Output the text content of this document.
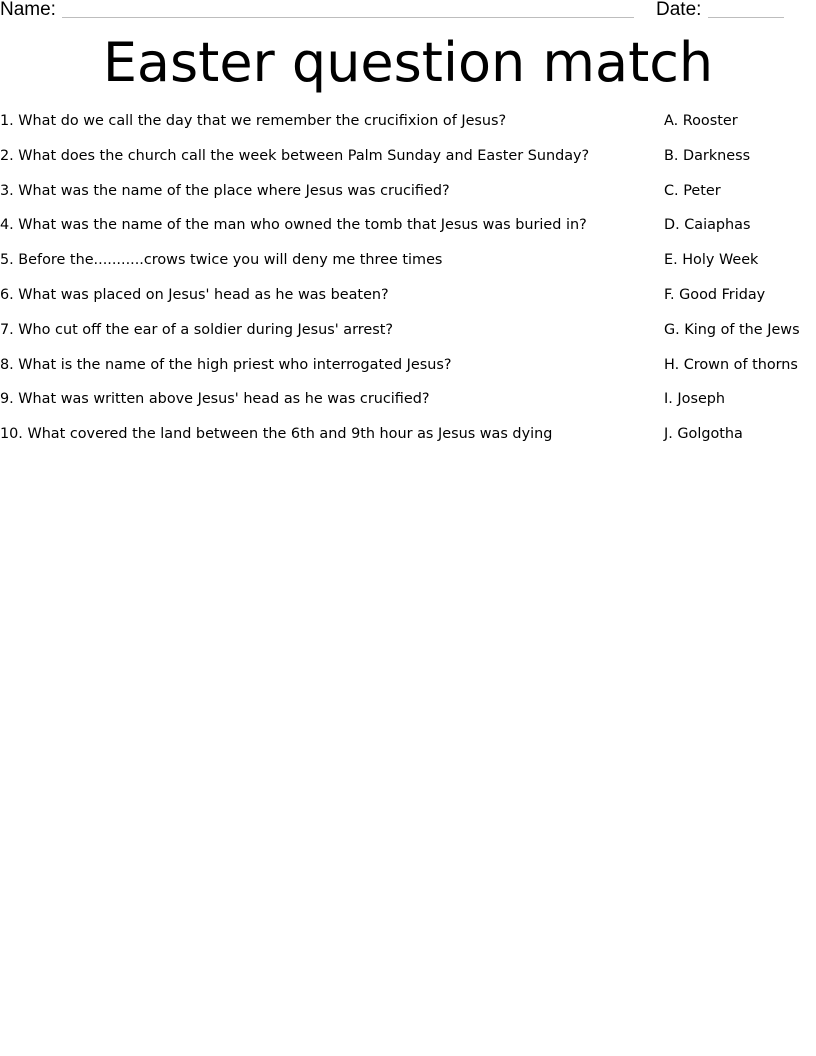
Name:	Date:
Easter question match
1. What do we call the day that we remember the crucifixion of Jesus?
2. What does the church call the week between Palm Sunday and Easter Sunday?
3. What was the name of the place where Jesus was crucified?
4. What was the name of the man who owned the tomb that Jesus was buried in?
5. Before the...........crows twice you will deny me three times
6. What was placed on Jesus' head as he was beaten?
7. Who cut off the ear of a soldier during Jesus' arrest?
8. What is the name of the high priest who interrogated Jesus?
9. What was written above Jesus' head as he was crucified?
10. What covered the land between the 6th and 9th hour as Jesus was dying
A. Rooster
B. Darkness
C. Peter
D. Caiaphas
E. Holy Week
F. Good Friday
G. King of the Jews
H. Crown of thorns
I. Joseph
J. Golgotha
